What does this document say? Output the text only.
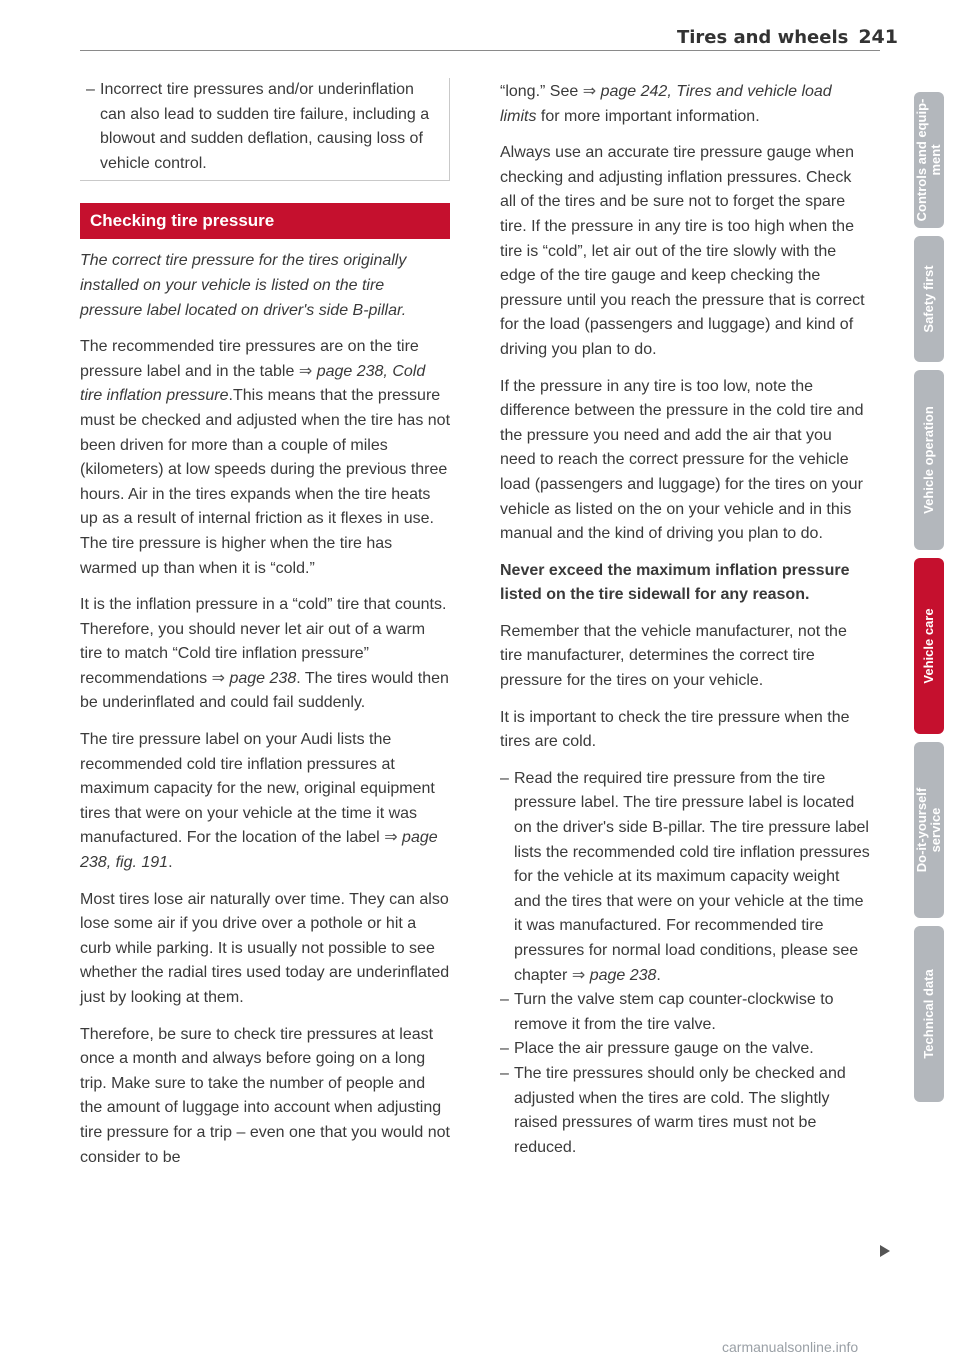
Tires and wheels 241
– Incorrect tire pressures and/or underinflation can also lead to sudden tire failure, including a blowout and sudden deflation, causing loss of vehicle control.
Checking tire pressure

The correct tire pressure for the tires originally installed on your vehicle is listed on the tire pressure label located on driver's side B-pillar.

The recommended tire pressures are on the tire pressure label and in the table ⇒ page 238, Cold tire inflation pressure.This means that the pressure must be checked and adjusted when the tire has not been driven for more than a couple of miles (kilometers) at low speeds during the previous three hours. Air in the tires expands when the tire heats up as a result of internal friction as it flexes in use. The tire pressure is higher when the tire has warmed up than when it is “cold.”

It is the inflation pressure in a “cold” tire that counts. Therefore, you should never let air out of a warm tire to match “Cold tire inflation pressure” recommendations ⇒ page 238. The tires would then be underinflated and could fail suddenly.

The tire pressure label on your Audi lists the recommended cold tire inflation pressures at maximum capacity for the new, original equipment tires that were on your vehicle at the time it was manufactured. For the location of the label ⇒ page 238, fig. 191.

Most tires lose air naturally over time. They can also lose some air if you drive over a pothole or hit a curb while parking. It is usually not possible to see whether the radial tires used today are underinflated just by looking at them.

Therefore, be sure to check tire pressures at least once a month and always before going on a long trip. Make sure to take the number of people and the amount of luggage into account when adjusting tire pressure for a trip – even one that you would not consider to be

“long.” See ⇒ page 242, Tires and vehicle load limits for more important information.

Always use an accurate tire pressure gauge when checking and adjusting inflation pressures. Check all of the tires and be sure not to forget the spare tire. If the pressure in any tire is too high when the tire is “cold”, let air out of the tire slowly with the edge of the tire gauge and keep checking the pressure until you reach the pressure that is correct for the load (passengers and luggage) and kind of driving you plan to do.

If the pressure in any tire is too low, note the difference between the pressure in the cold tire and the pressure you need and add the air that you need to reach the correct pressure for the vehicle load (passengers and luggage) for the tires on your vehicle as listed on the on your vehicle and in this manual and the kind of driving you plan to do.

Never exceed the maximum inflation pressure listed on the tire sidewall for any reason.

Remember that the vehicle manufacturer, not the tire manufacturer, determines the correct tire pressure for the tires on your vehicle.

It is important to check the tire pressure when the tires are cold.

– Read the required tire pressure from the tire pressure label. The tire pressure label is located on the driver's side B-pillar. The tire pressure label lists the recommended cold tire inflation pressures for the vehicle at its maximum capacity weight and the tires that were on your vehicle at the time it was manufactured. For recommended tire pressures for normal load conditions, please see chapter ⇒ page 238.
– Turn the valve stem cap counter-clockwise to remove it from the tire valve.
– Place the air pressure gauge on the valve.
– The tire pressures should only be checked and adjusted when the tires are cold. The slightly raised pressures of warm tires must not be reduced.
Controls and equip-
ment
Safety first
Vehicle operation
Vehicle care
Do-it-yourself
service
Technical data
carmanualsonline.info
